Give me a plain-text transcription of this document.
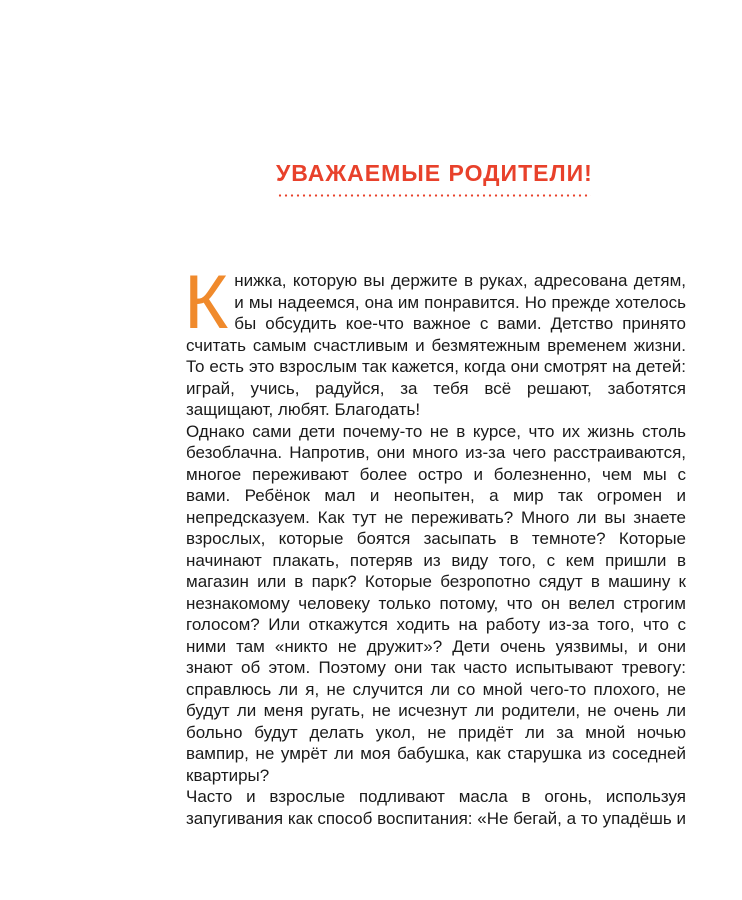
УВАЖАЕМЫЕ РОДИТЕЛИ!

Книжка, которую вы держите в руках, адресована детям, и мы надеемся, она им понравится. Но прежде хотелось бы обсудить кое-что важное с вами. Детство принято считать самым счастливым и безмятежным временем жизни. То есть это взрослым так кажется, когда они смотрят на детей: играй, учись, радуйся, за тебя всё решают, заботятся защищают, любят. Благодать!

Однако сами дети почему-то не в курсе, что их жизнь столь безоблачна. Напротив, они много из-за чего расстраиваются, многое переживают более остро и болезненно, чем мы с вами. Ребёнок мал и неопытен, а мир так огромен и непредсказуем. Как тут не переживать? Много ли вы знаете взрослых, которые боятся засыпать в темноте? Которые начинают плакать, потеряв из виду того, с кем пришли в магазин или в парк? Которые безропотно сядут в машину к незнакомому человеку только потому, что он велел строгим голосом? Или откажутся ходить на работу из-за того, что с ними там «никто не дружит»? Дети очень уязвимы, и они знают об этом. Поэтому они так часто испытывают тревогу: справлюсь ли я, не случится ли со мной чего-то плохого, не будут ли меня ругать, не исчезнут ли родители, не очень ли больно будут делать укол, не придёт ли за мной ночью вампир, не умрёт ли моя бабушка, как старушка из соседней квартиры?

Часто и взрослые подливают масла в огонь, используя запугивания как способ воспитания: «Не бегай, а то упадёшь и
